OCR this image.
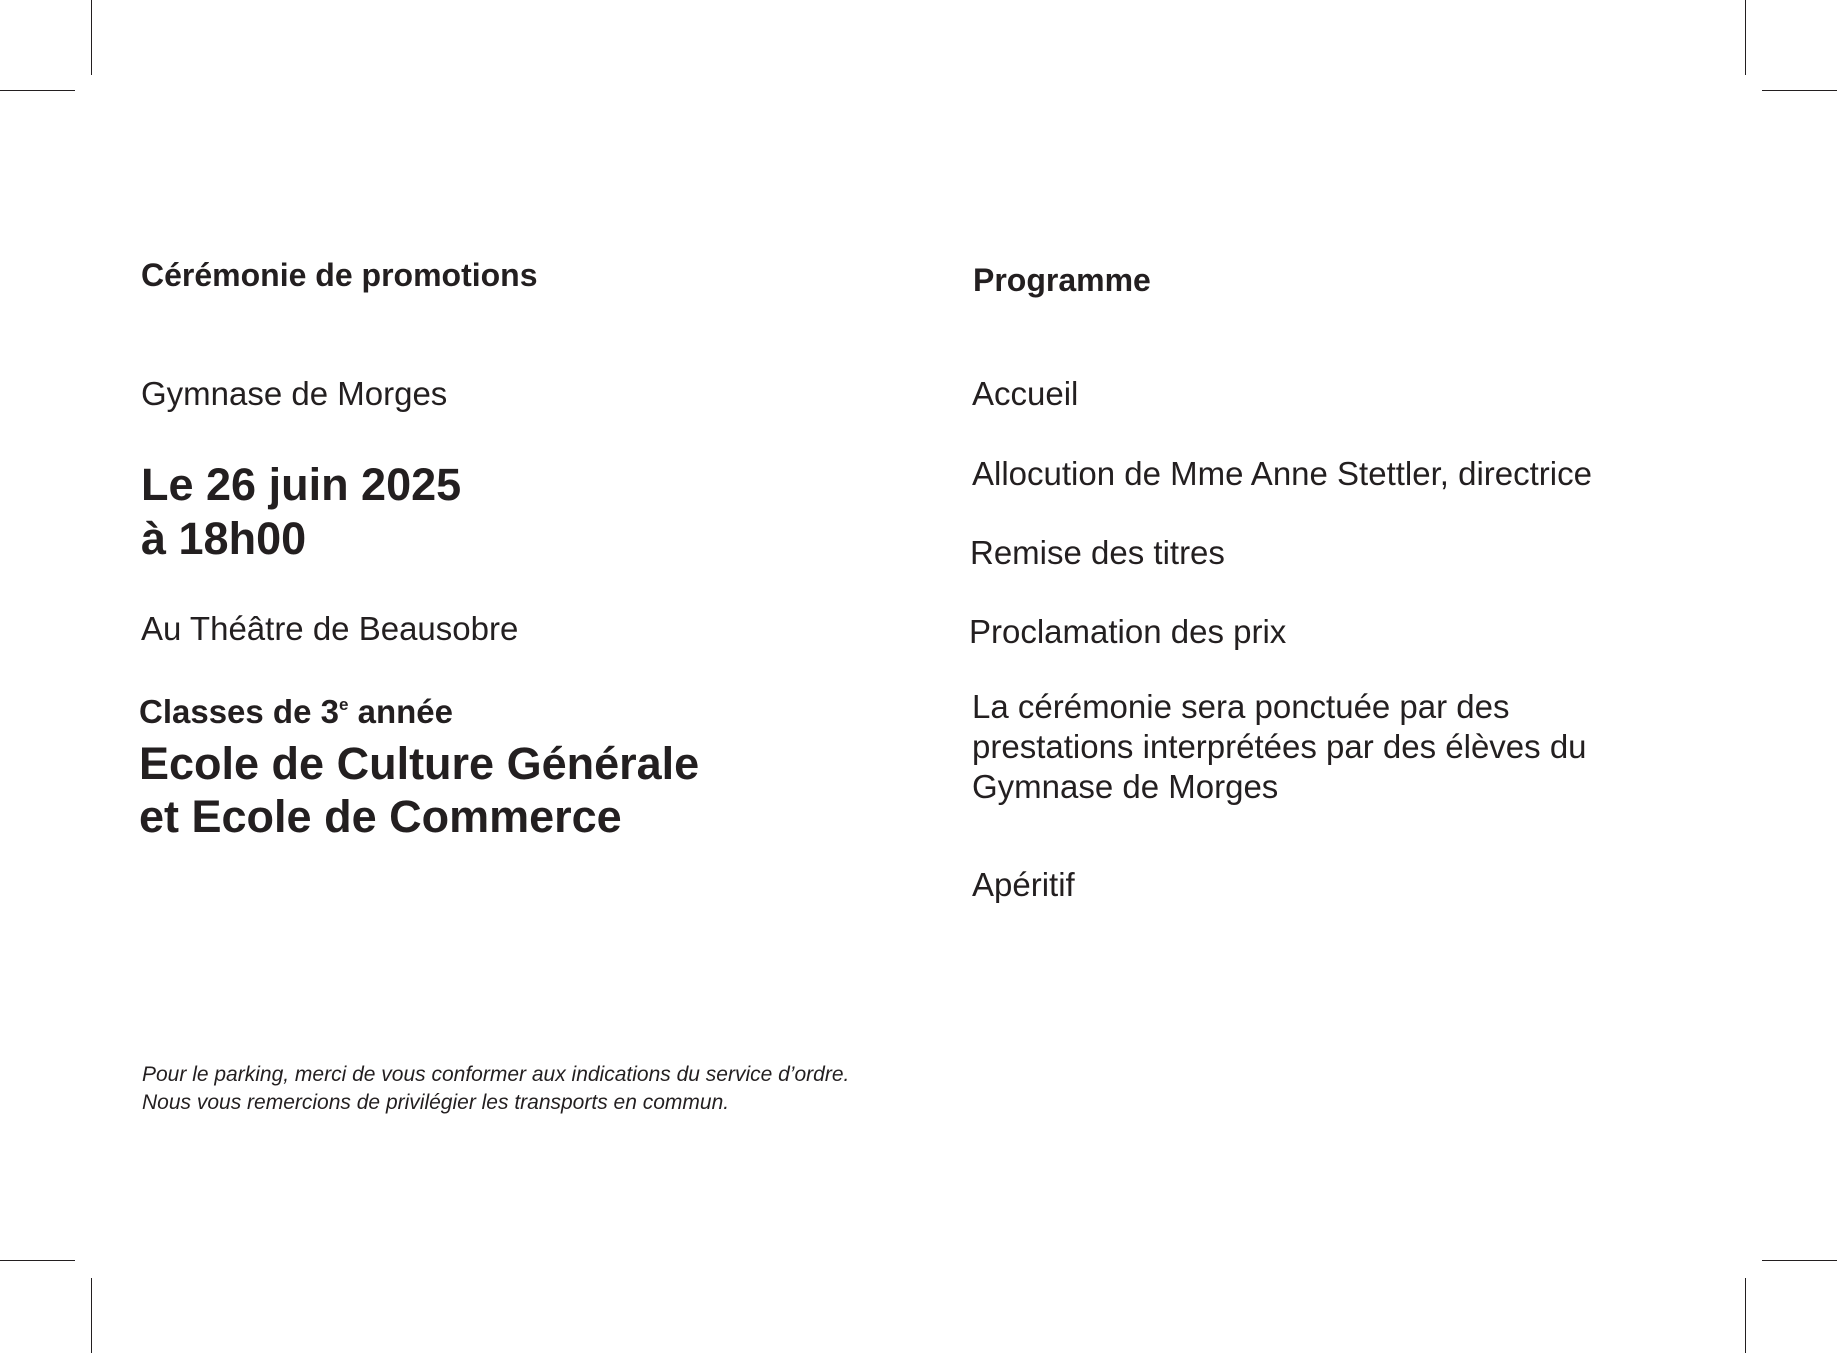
Cérémonie de promotions
Gymnase de Morges
Le 26 juin 2025
à 18h00
Au Théâtre de Beausobre
Classes de 3e année
Ecole de Culture Générale
et Ecole de Commerce
Pour le parking, merci de vous conformer aux indications du service d’ordre.
Nous vous remercions de privilégier les transports en commun.
Programme
Accueil
Allocution de Mme Anne Stettler, directrice
Remise des titres
Proclamation des prix
La cérémonie sera ponctuée par des
prestations interprétées par des élèves du
Gymnase de Morges
Apéritif
